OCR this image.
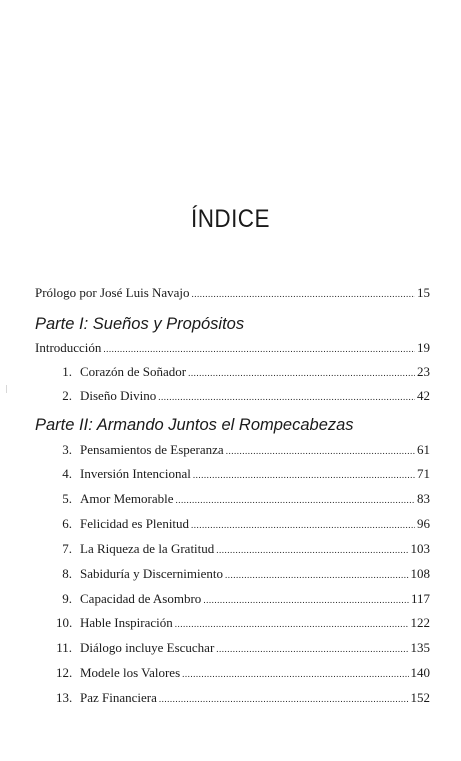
ÍNDICE
Prólogo por José Luis Navajo .....	15
Parte I: Sueños y Propósitos
Introducción .....	19
1. Corazón de Soñador .....	23
2. Diseño Divino .....	42
Parte II: Armando Juntos el Rompecabezas
3. Pensamientos de Esperanza .....	61
4. Inversión Intencional .....	71
5. Amor Memorable .....	83
6. Felicidad es Plenitud .....	96
7. La Riqueza de la Gratitud .....	103
8. Sabiduría y Discernimiento .....	108
9. Capacidad de Asombro .....	117
10. Hable Inspiración .....	122
11. Diálogo incluye Escuchar .....	135
12. Modele los Valores .....	140
13. Paz Financiera .....	152
